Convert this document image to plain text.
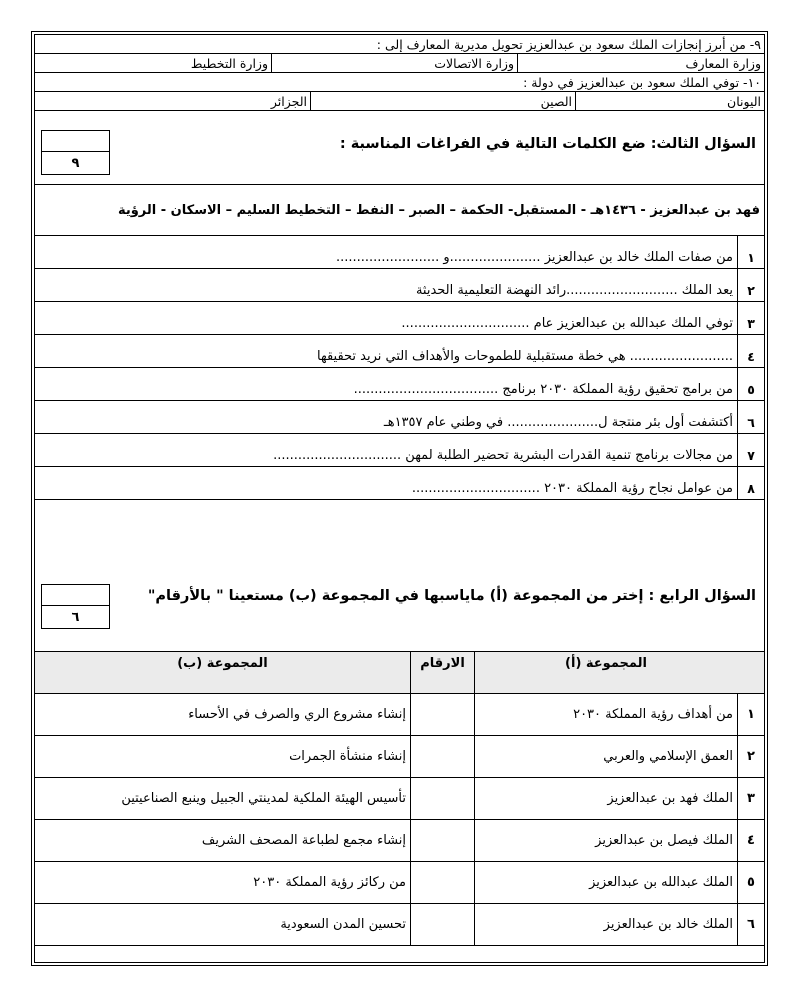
٩- من أبرز إنجازات الملك سعود بن عبدالعزيز تحويل مديرية المعارف إلى :
وزارة المعارف
وزارة الاتصالات
وزارة التخطيط
١٠- توفي الملك سعود بن عبدالعزيز في دولة :
اليونان
الصين
الجزائر
السؤال الثالث: ضع الكلمات التالية في الفراغات المناسبة :
٩
فهد بن عبدالعزيز - ١٤٣٦هـ - المستقبل- الحكمة – الصبر – النفط – التخطيط السليم – الاسكان - الرؤية
١
من صفات الملك خالد بن عبدالعزيز ......................و .........................
٢
يعد الملك ...........................رائد النهضة التعليمية الحديثة
٣
توفي الملك عبدالله بن عبدالعزيز عام ...............................
٤
......................... هي خطة مستقبلية للطموحات والأهداف التي نريد تحقيقها
٥
من برامج تحقيق رؤية المملكة ٢٠٣٠ برنامج ...................................
٦
أكتشفت أول بئر منتجة ل...................... في وطني عام ١٣٥٧هـ
٧
من مجالات برنامج تنمية القدرات البشرية تحضير الطلبة لمهن ...............................
٨
من عوامل نجاح رؤية المملكة ٢٠٣٠ ...............................
السؤال الرابع : إختر من المجموعة (أ) ماياسبها في المجموعة (ب) مستعينا " بالأرقام"
٦
المجموعة (أ)
الارقام
المجموعة (ب)
١
من أهداف رؤية المملكة ٢٠٣٠
إنشاء مشروع الري والصرف في الأحساء
٢
العمق الإسلامي والعربي
إنشاء منشأة الجمرات
٣
الملك فهد بن عبدالعزيز
تأسيس الهيئة الملكية لمدينتي الجبيل وينبع الصناعيتين
٤
الملك فيصل بن عبدالعزيز
إنشاء مجمع لطباعة المصحف الشريف
٥
الملك عبدالله بن عبدالعزيز
من ركائز رؤية المملكة ٢٠٣٠
٦
الملك خالد بن عبدالعزيز
تحسين المدن السعودية
